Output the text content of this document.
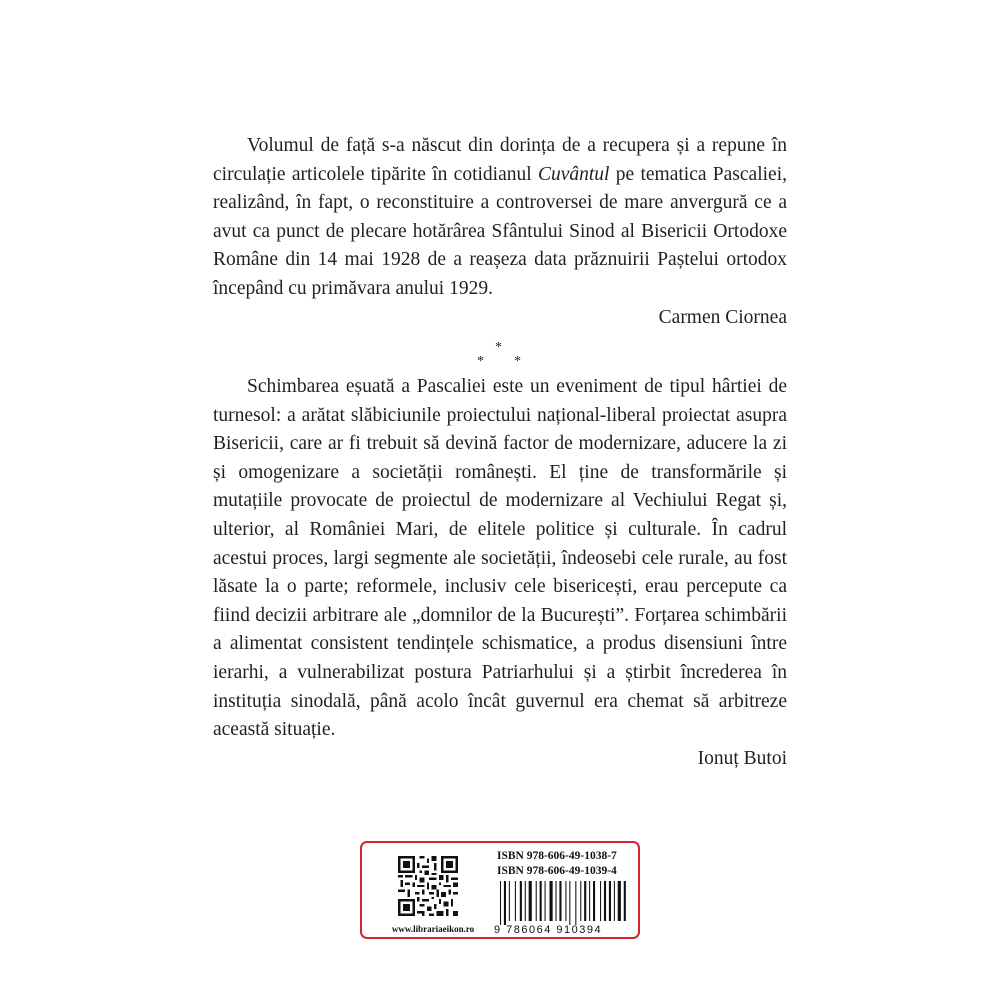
Volumul de față s-a născut din dorința de a recupera și a repune în circulație articolele tipărite în cotidianul Cuvântul pe tematica Pascaliei, realizând, în fapt, o reconstituire a controversei de mare anvergură ce a avut ca punct de plecare hotărârea Sfântului Sinod al Bisericii Ortodoxe Române din 14 mai 1928 de a reașeza data prăznuirii Paștelui ortodox începând cu primăvara anului 1929.

Carmen Ciornea

*
* *

Schimbarea eșuată a Pascaliei este un eveniment de tipul hârtiei de turnesol: a arătat slăbiciunile proiectului național-liberal proiectat asupra Bisericii, care ar fi trebuit să devină factor de modernizare, aducere la zi și omogenizare a societății românești. El ține de transformările și mutațiile provocate de proiectul de modernizare al Vechiului Regat și, ulterior, al României Mari, de elitele politice și culturale. În cadrul acestui proces, largi segmente ale societății, îndeosebi cele rurale, au fost lăsate la o parte; reformele, inclusiv cele bisericești, erau percepute ca fiind decizii arbitrare ale „domnilor de la București”. Forțarea schimbării a alimentat consistent tendințele schismatice, a produs disensiuni între ierarhi, a vulnerabilizat postura Patriarhului și a știrbit încrederea în instituția sinodală, până acolo încât guvernul era chemat să arbitreze această situație.

Ionuț Butoi

www.librariaeikon.ro
ISBN 978-606-49-1038-7
ISBN 978-606-49-1039-4
9 786064 910394
